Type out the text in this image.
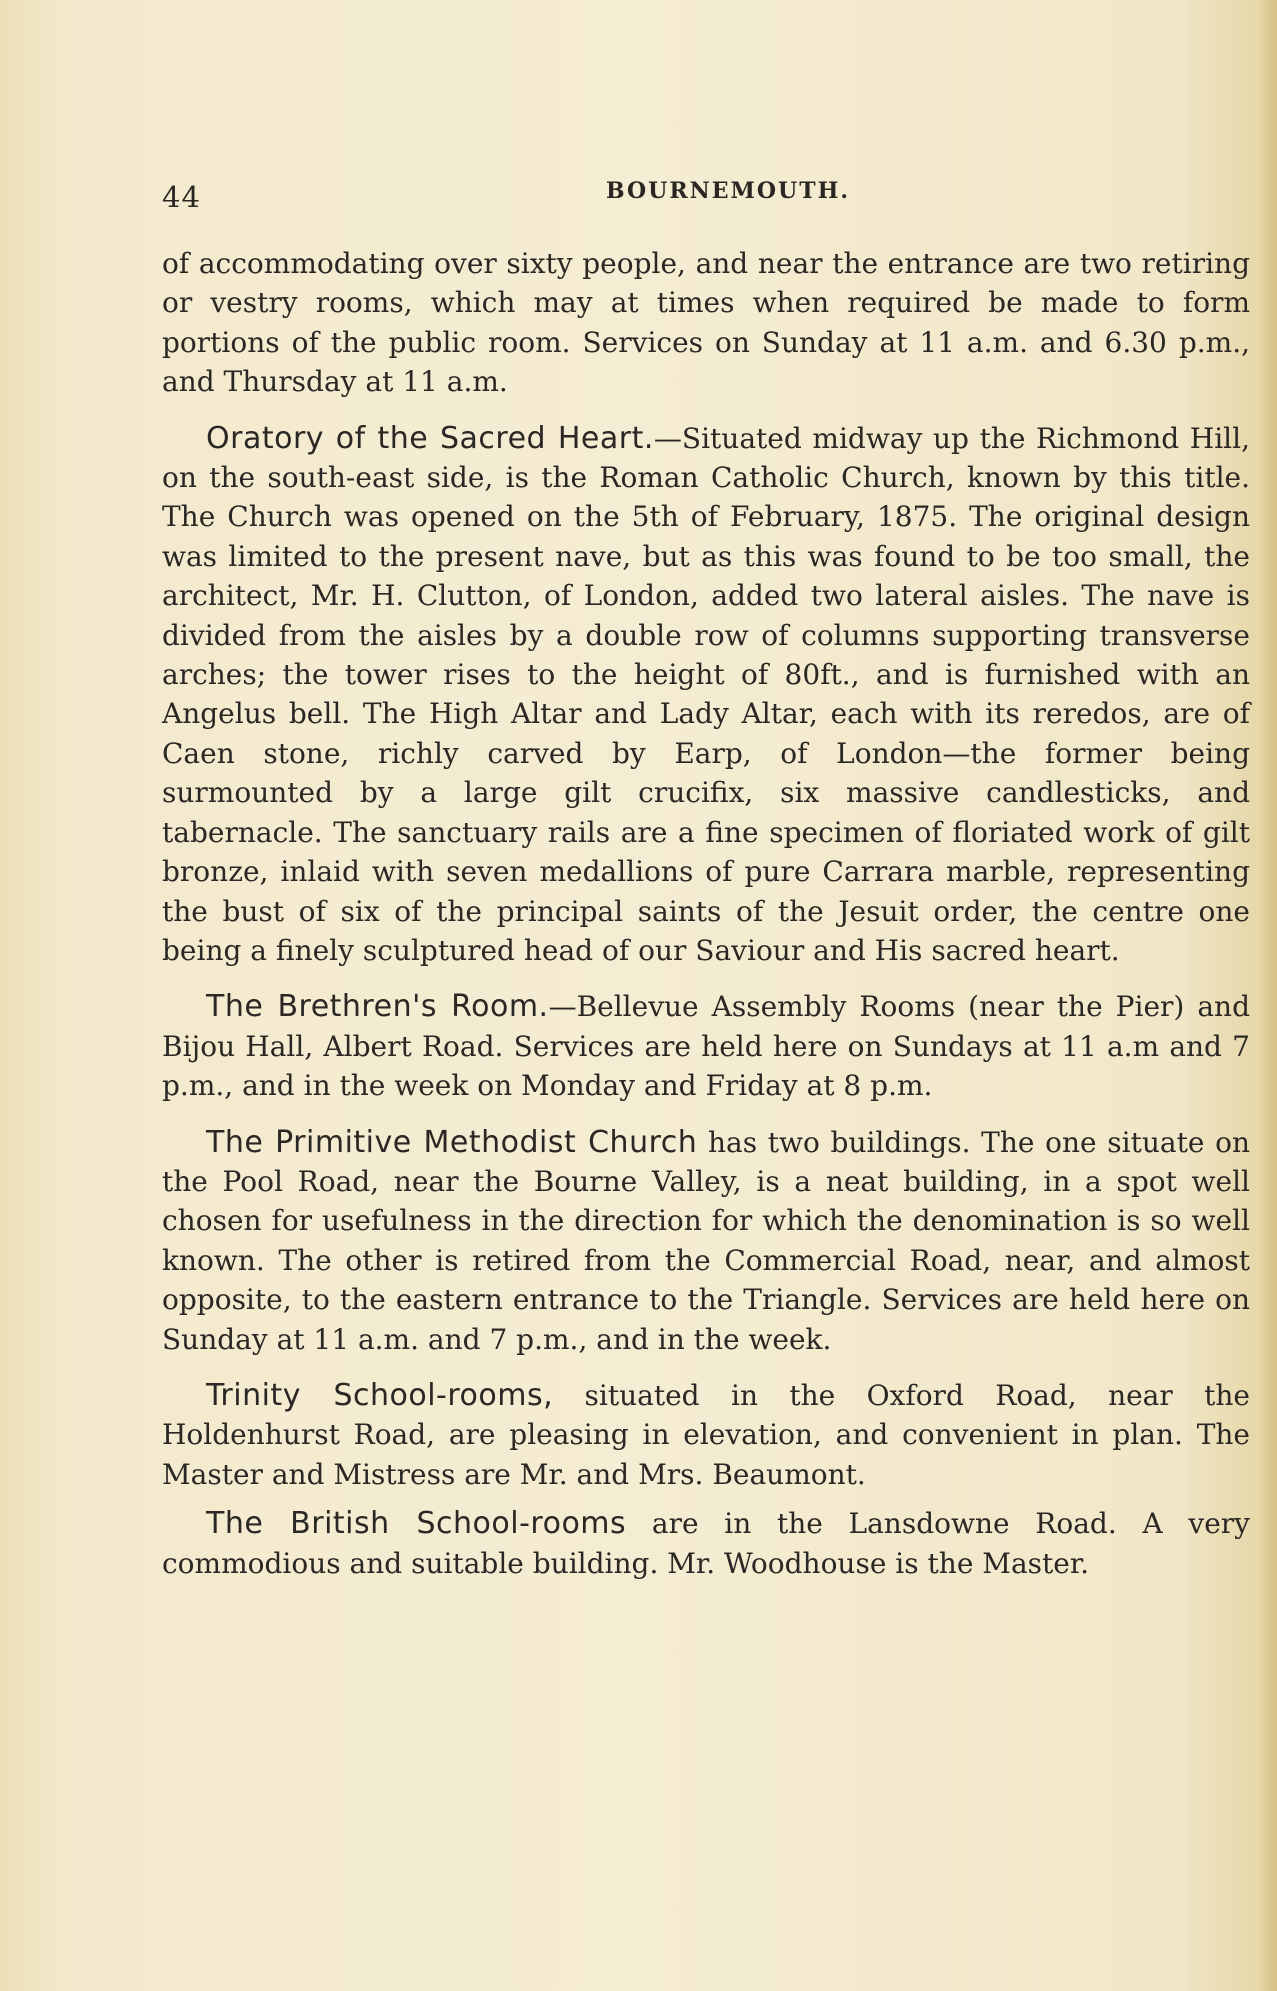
44	BOURNEMOUTH.

of accommodating over sixty people, and near the entrance are two retiring or vestry rooms, which may at times when required be made to form portions of the public room. Services on Sunday at 11 a.m. and 6.30 p.m., and Thursday at 11 a.m.

Oratory of the Sacred Heart.—Situated midway up the Richmond Hill, on the south-east side, is the Roman Catholic Church, known by this title. The Church was opened on the 5th of February, 1875. The original design was limited to the present nave, but as this was found to be too small, the architect, Mr. H. Clutton, of London, added two lateral aisles. The nave is divided from the aisles by a double row of columns supporting transverse arches; the tower rises to the height of 80ft., and is furnished with an Angelus bell. The High Altar and Lady Altar, each with its reredos, are of Caen stone, richly carved by Earp, of London—the former being surmounted by a large gilt crucifix, six massive candlesticks, and tabernacle. The sanctuary rails are a fine specimen of floriated work of gilt bronze, inlaid with seven medallions of pure Carrara marble, representing the bust of six of the principal saints of the Jesuit order, the centre one being a finely sculptured head of our Saviour and His sacred heart.

The Brethren's Room.—Bellevue Assembly Rooms (near the Pier) and Bijou Hall, Albert Road. Services are held here on Sundays at 11 a.m and 7 p.m., and in the week on Monday and Friday at 8 p.m.

The Primitive Methodist Church has two buildings. The one situate on the Pool Road, near the Bourne Valley, is a neat building, in a spot well chosen for usefulness in the direction for which the denomination is so well known. The other is retired from the Commercial Road, near, and almost opposite, to the eastern entrance to the Triangle. Services are held here on Sunday at 11 a.m. and 7 p.m., and in the week.

Trinity School-rooms, situated in the Oxford Road, near the Holdenhurst Road, are pleasing in elevation, and convenient in plan. The Master and Mistress are Mr. and Mrs. Beaumont.

The British School-rooms are in the Lansdowne Road. A very commodious and suitable building. Mr. Woodhouse is the Master.
